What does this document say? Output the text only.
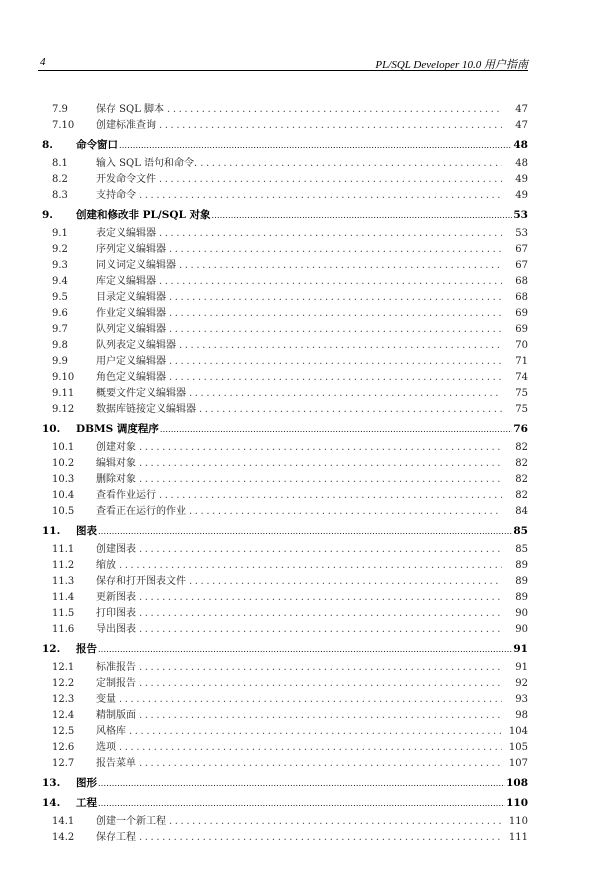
4	PL/SQL Developer 10.0 用户指南
7.9	保存 SQL 脚本 .....	47
7.10	创建标准查询 .....	47
8.	命令窗口 .....	48
8.1	输入 SQL 语句和命令. .....	48
8.2	开发命令文件 .....	49
8.3	支持命令 .....	49
9.	创建和修改非 PL/SQL 对象 .....	53
9.1	表定义编辑器 .....	53
9.2	序列定义编辑器 .....	67
9.3	同义词定义编辑器 .....	67
9.4	库定义编辑器 .....	68
9.5	目录定义编辑器 .....	68
9.6	作业定义编辑器 .....	69
9.7	队列定义编辑器 .....	69
9.8	队列表定义编辑器 .....	70
9.9	用户定义编辑器 .....	71
9.10	角色定义编辑器 .....	74
9.11	概要文件定义编辑器 .....	75
9.12	数据库链接定义编辑器 .....	75
10.	DBMS 调度程序 .....	76
10.1	创建对象 .....	82
10.2	编辑对象 .....	82
10.3	删除对象 .....	82
10.4	查看作业运行 .....	82
10.5	查看正在运行的作业 .....	84
11.	图表 .....	85
11.1	创建图表 .....	85
11.2	缩放 .....	89
11.3	保存和打开图表文件 .....	89
11.4	更新图表 .....	89
11.5	打印图表 .....	90
11.6	导出图表 .....	90
12.	报告 .....	91
12.1	标准报告 .....	91
12.2	定制报告 .....	92
12.3	变量 .....	93
12.4	精制版面 .....	98
12.5	风格库 .....	104
12.6	选项 .....	105
12.7	报告菜单 .....	107
13.	图形 .....	108
14.	工程 .....	110
14.1	创建一个新工程 .....	110
14.2	保存工程 .....	111
